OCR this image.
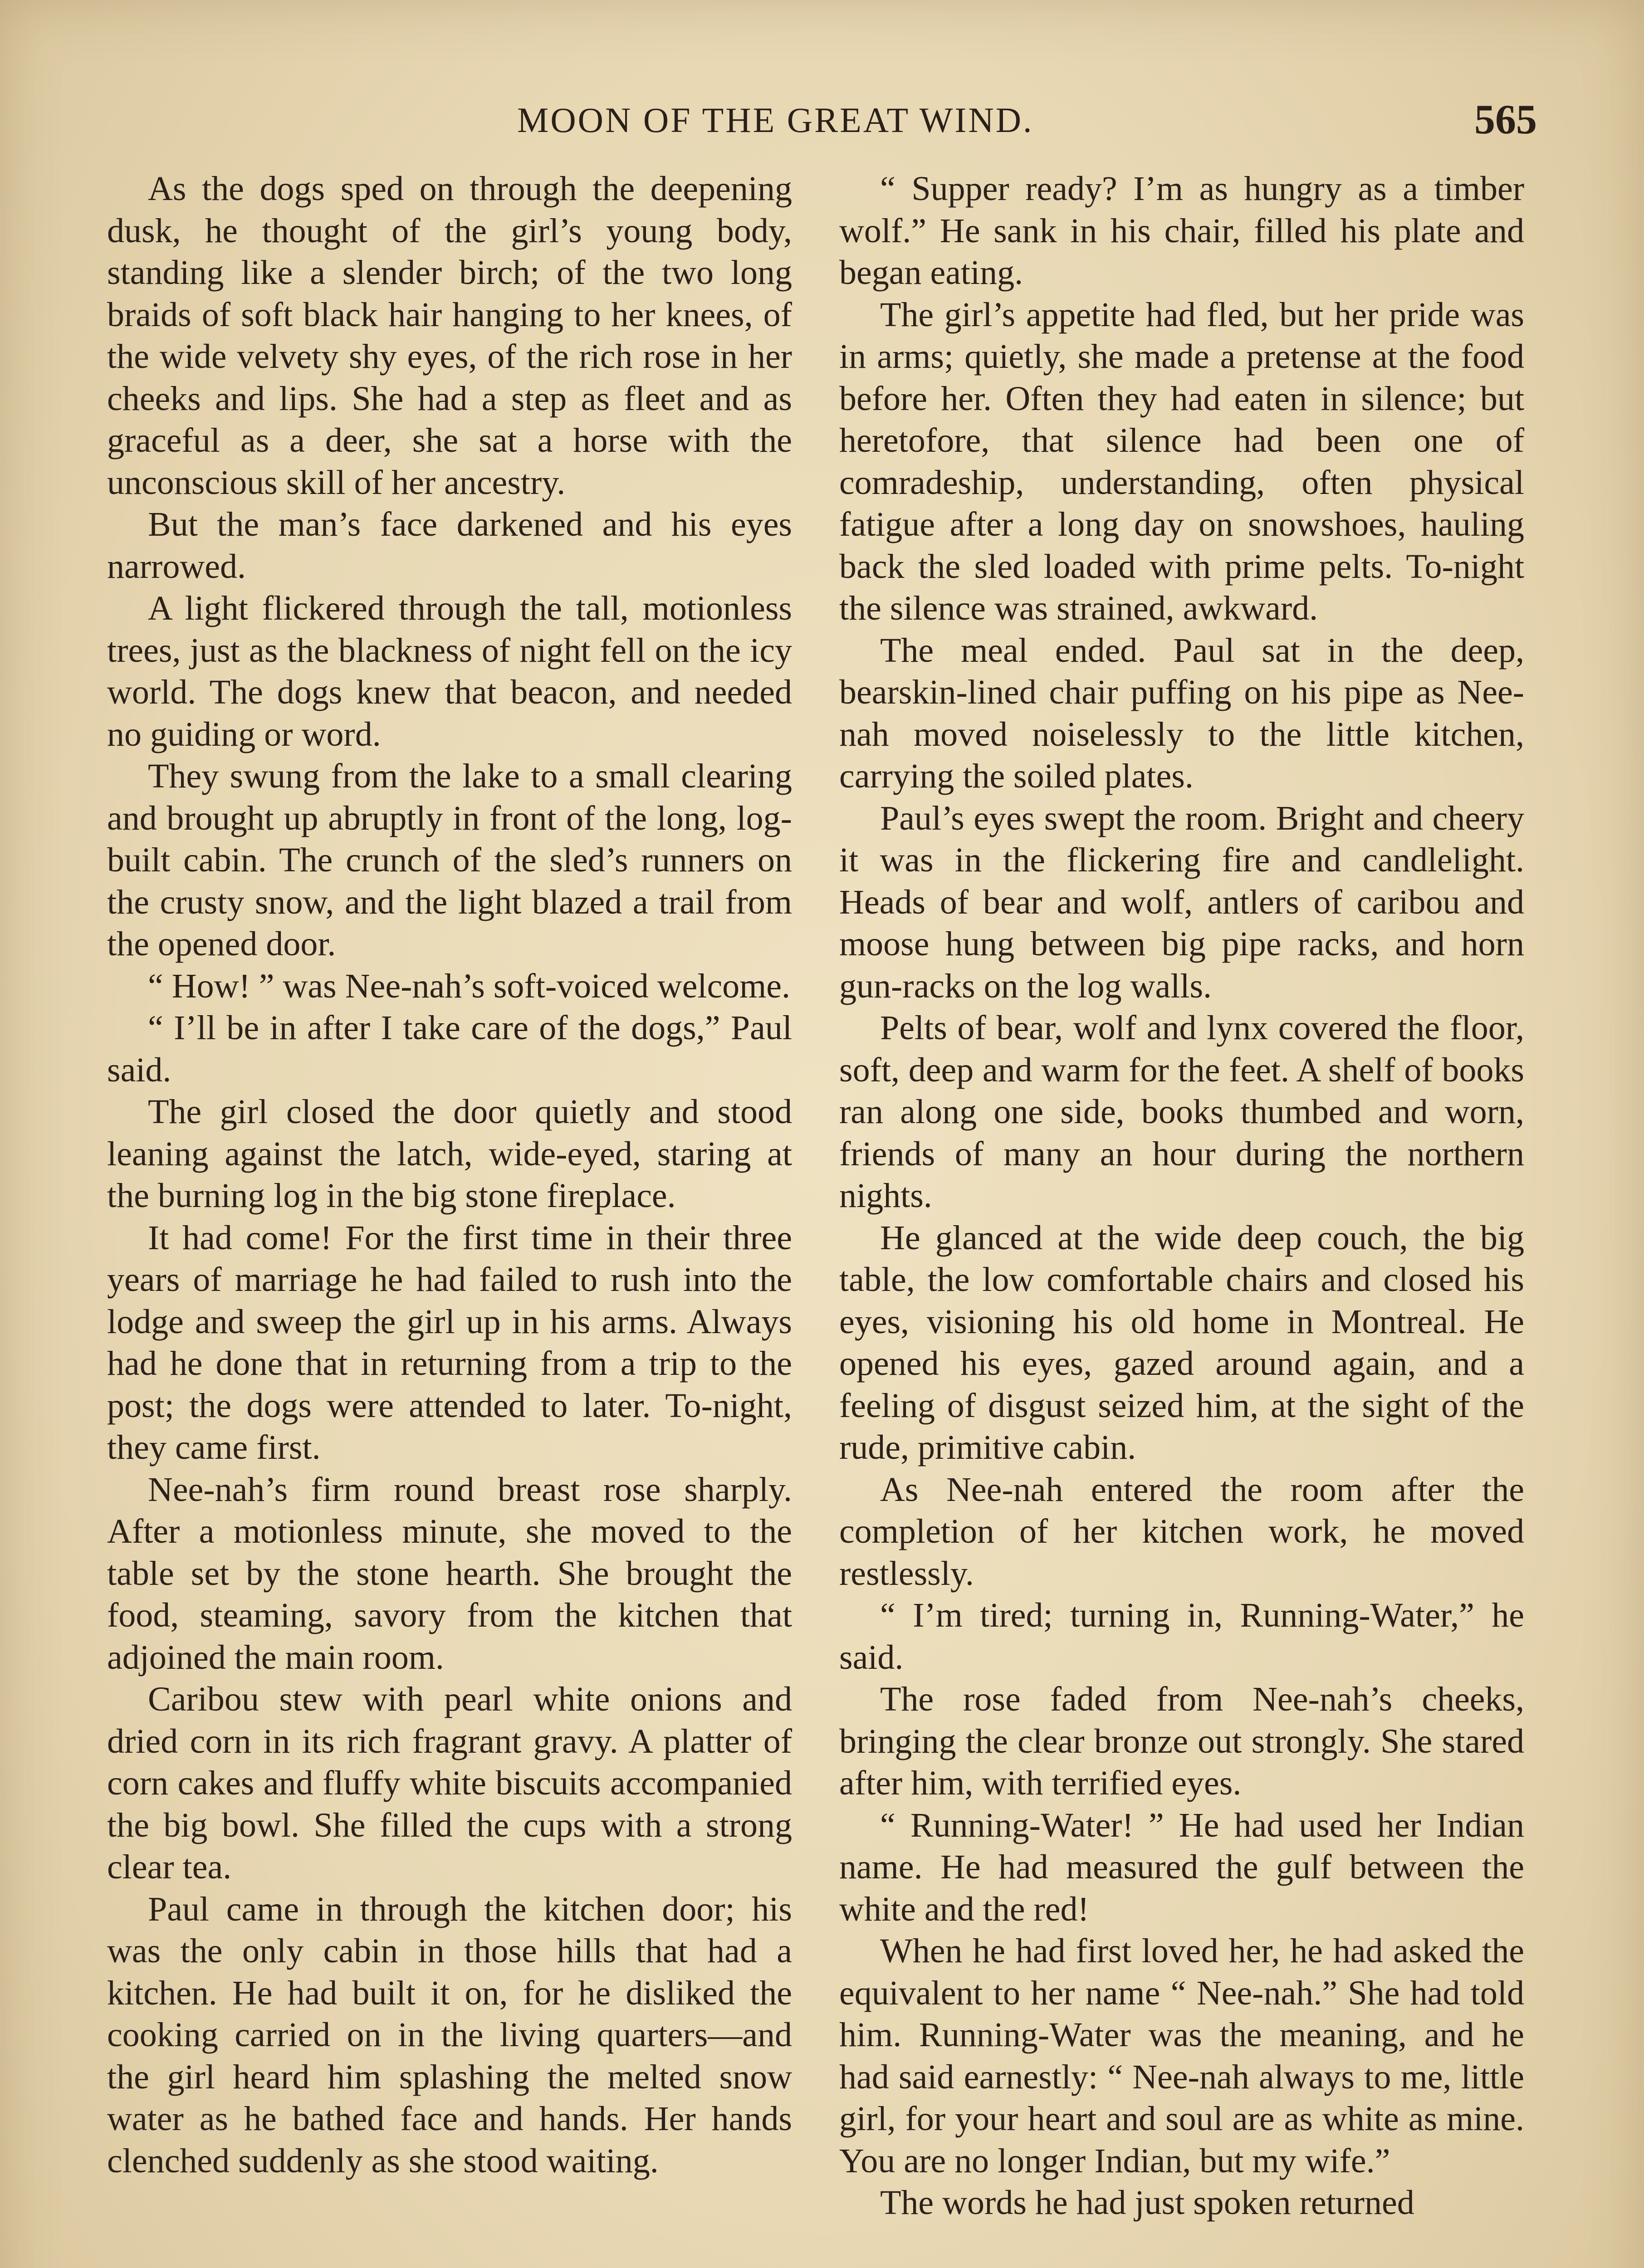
MOON OF THE GREAT WIND.	565

As the dogs sped on through the deepening dusk, he thought of the girl’s young body, standing like a slender birch; of the two long braids of soft black hair hanging to her knees, of the wide velvety shy eyes, of the rich rose in her cheeks and lips. She had a step as fleet and as graceful as a deer, she sat a horse with the unconscious skill of her ancestry.

But the man’s face darkened and his eyes narrowed.

A light flickered through the tall, motionless trees, just as the blackness of night fell on the icy world. The dogs knew that beacon, and needed no guiding or word.

They swung from the lake to a small clearing and brought up abruptly in front of the long, log-built cabin. The crunch of the sled’s runners on the crusty snow, and the light blazed a trail from the opened door.

“ How! ” was Nee-nah’s soft-voiced welcome.

“ I’ll be in after I take care of the dogs,” Paul said.

The girl closed the door quietly and stood leaning against the latch, wide-eyed, staring at the burning log in the big stone fireplace.

It had come! For the first time in their three years of marriage he had failed to rush into the lodge and sweep the girl up in his arms. Always had he done that in returning from a trip to the post; the dogs were attended to later. To-night, they came first.

Nee-nah’s firm round breast rose sharply. After a motionless minute, she moved to the table set by the stone hearth. She brought the food, steaming, savory from the kitchen that adjoined the main room.

Caribou stew with pearl white onions and dried corn in its rich fragrant gravy. A platter of corn cakes and fluffy white biscuits accompanied the big bowl. She filled the cups with a strong clear tea.

Paul came in through the kitchen door; his was the only cabin in those hills that had a kitchen. He had built it on, for he disliked the cooking carried on in the living quarters—and the girl heard him splashing the melted snow water as he bathed face and hands. Her hands clenched suddenly as she stood waiting.

“ Supper ready? I’m as hungry as a timber wolf.” He sank in his chair, filled his plate and began eating.

The girl’s appetite had fled, but her pride was in arms; quietly, she made a pretense at the food before her. Often they had eaten in silence; but heretofore, that silence had been one of comradeship, understanding, often physical fatigue after a long day on snowshoes, hauling back the sled loaded with prime pelts. To-night the silence was strained, awkward.

The meal ended. Paul sat in the deep, bearskin-lined chair puffing on his pipe as Nee-nah moved noiselessly to the little kitchen, carrying the soiled plates.

Paul’s eyes swept the room. Bright and cheery it was in the flickering fire and candlelight. Heads of bear and wolf, antlers of caribou and moose hung between big pipe racks, and horn gun-racks on the log walls.

Pelts of bear, wolf and lynx covered the floor, soft, deep and warm for the feet. A shelf of books ran along one side, books thumbed and worn, friends of many an hour during the northern nights.

He glanced at the wide deep couch, the big table, the low comfortable chairs and closed his eyes, visioning his old home in Montreal. He opened his eyes, gazed around again, and a feeling of disgust seized him, at the sight of the rude, primitive cabin.

As Nee-nah entered the room after the completion of her kitchen work, he moved restlessly.

“ I’m tired; turning in, Running-Water,” he said.

The rose faded from Nee-nah’s cheeks, bringing the clear bronze out strongly. She stared after him, with terrified eyes.

“ Running-Water! ” He had used her Indian name. He had measured the gulf between the white and the red!

When he had first loved her, he had asked the equivalent to her name “ Nee-nah.” She had told him. Running-Water was the meaning, and he had said earnestly: “ Nee-nah always to me, little girl, for your heart and soul are as white as mine. You are no longer Indian, but my wife.”

The words he had just spoken returned
